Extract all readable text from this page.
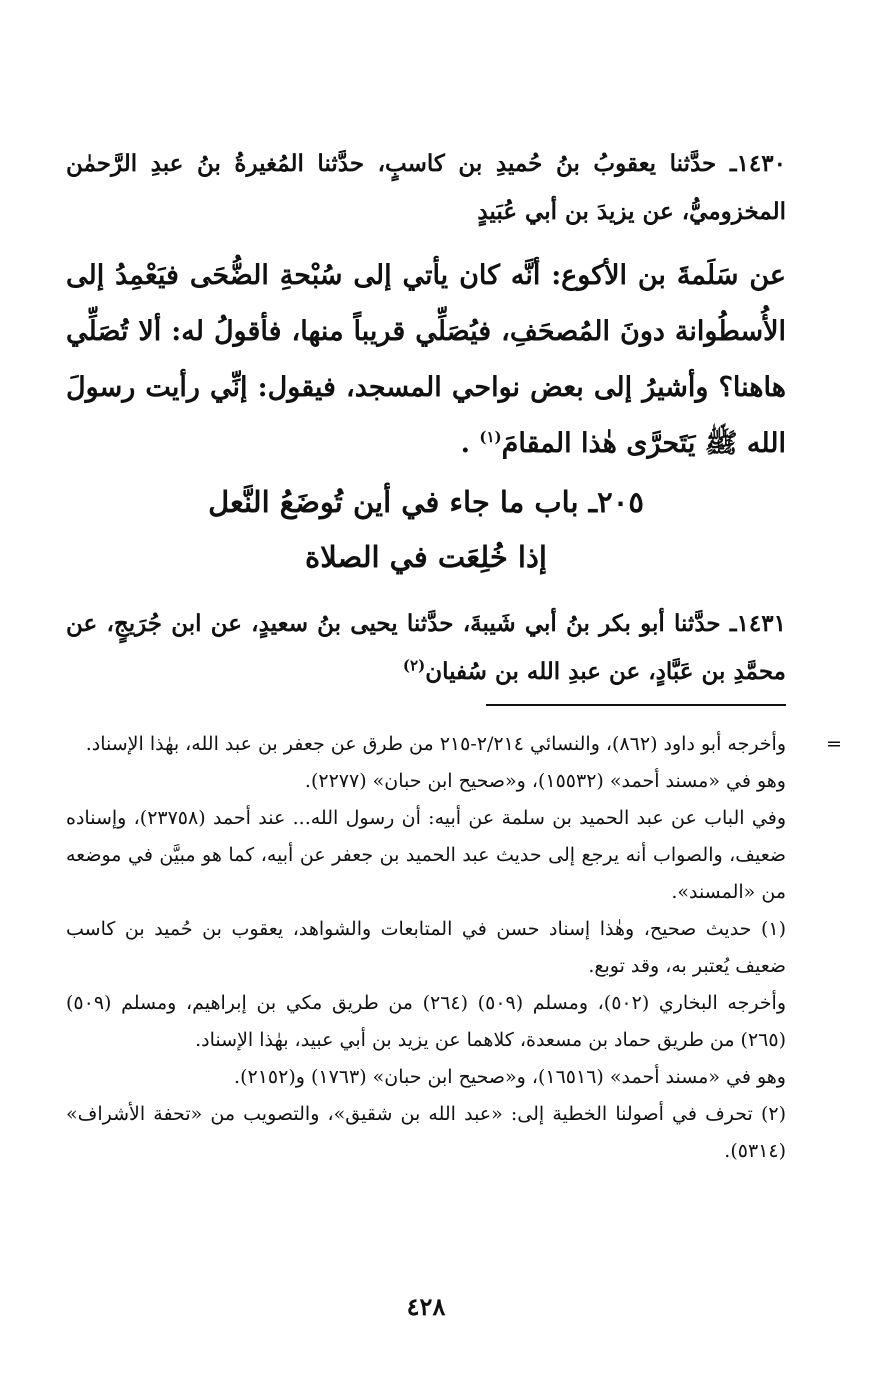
١٤٣٠ـ حدَّثنا يعقوبُ بنُ حُميدِ بن كاسبٍ، حدَّثنا المُغيرةُ بنُ عبدِ الرَّحمٰن المخزوميُّ، عن يزيدَ بن أبي عُبَيدٍ
عن سَلَمةَ بن الأكوع: أنَّه كان يأتي إلى سُبْحةِ الضُّحَى فيَعْمِدُ إلى الأُسطُوانة دونَ المُصحَفِ، فيُصَلِّي قريباً منها، فأقولُ له: ألا تُصَلِّي هاهنا؟ وأشيرُ إلى بعض نواحي المسجد، فيقول: إنِّي رأيت رسولَ الله ﷺ يَتَحرَّى هٰذا المقامَ$^{(١)}$ .
٢٠٥ـ باب ما جاء في أين تُوضَعُ النَّعل
إذا خُلِعَت في الصلاة
١٤٣١ـ حدَّثنا أبو بكر بنُ أبي شَيبةَ، حدَّثنا يحيى بنُ سعيدٍ، عن ابن جُرَيجٍ، عن محمَّدِ بن عَبَّادٍ، عن عبدِ الله بن سُفيان$^{(٢)}$
=

وأخرجه أبو داود (٨٦٢)، والنسائي ٢/٢١٤-٢١٥ من طرق عن جعفر بن عبد الله، بهٰذا الإسناد.

وهو في «مسند أحمد» (١٥٥٣٢)، و«صحيح ابن حبان» (٢٢٧٧).

وفي الباب عن عبد الحميد بن سلمة عن أبيه: أن رسول الله... عند أحمد (٢٣٧٥٨)، وإسناده ضعيف، والصواب أنه يرجع إلى حديث عبد الحميد بن جعفر عن أبيه، كما هو مبيَّن في موضعه من «المسند».

(١) حديث صحيح، وهٰذا إسناد حسن في المتابعات والشواهد، يعقوب بن حُميد بن كاسب ضعيف يُعتبر به، وقد توبع.

وأخرجه البخاري (٥٠٢)، ومسلم (٥٠٩) (٢٦٤) من طريق مكي بن إبراهيم، ومسلم (٥٠٩) (٢٦٥) من طريق حماد بن مسعدة، كلاهما عن يزيد بن أبي عبيد، بهٰذا الإسناد.

وهو في «مسند أحمد» (١٦٥١٦)، و«صحيح ابن حبان» (١٧٦٣) و(٢١٥٢).

(٢) تحرف في أصولنا الخطية إلى: «عبد الله بن شقيق»، والتصويب من «تحفة الأشراف» (٥٣١٤).

٤٢٨
